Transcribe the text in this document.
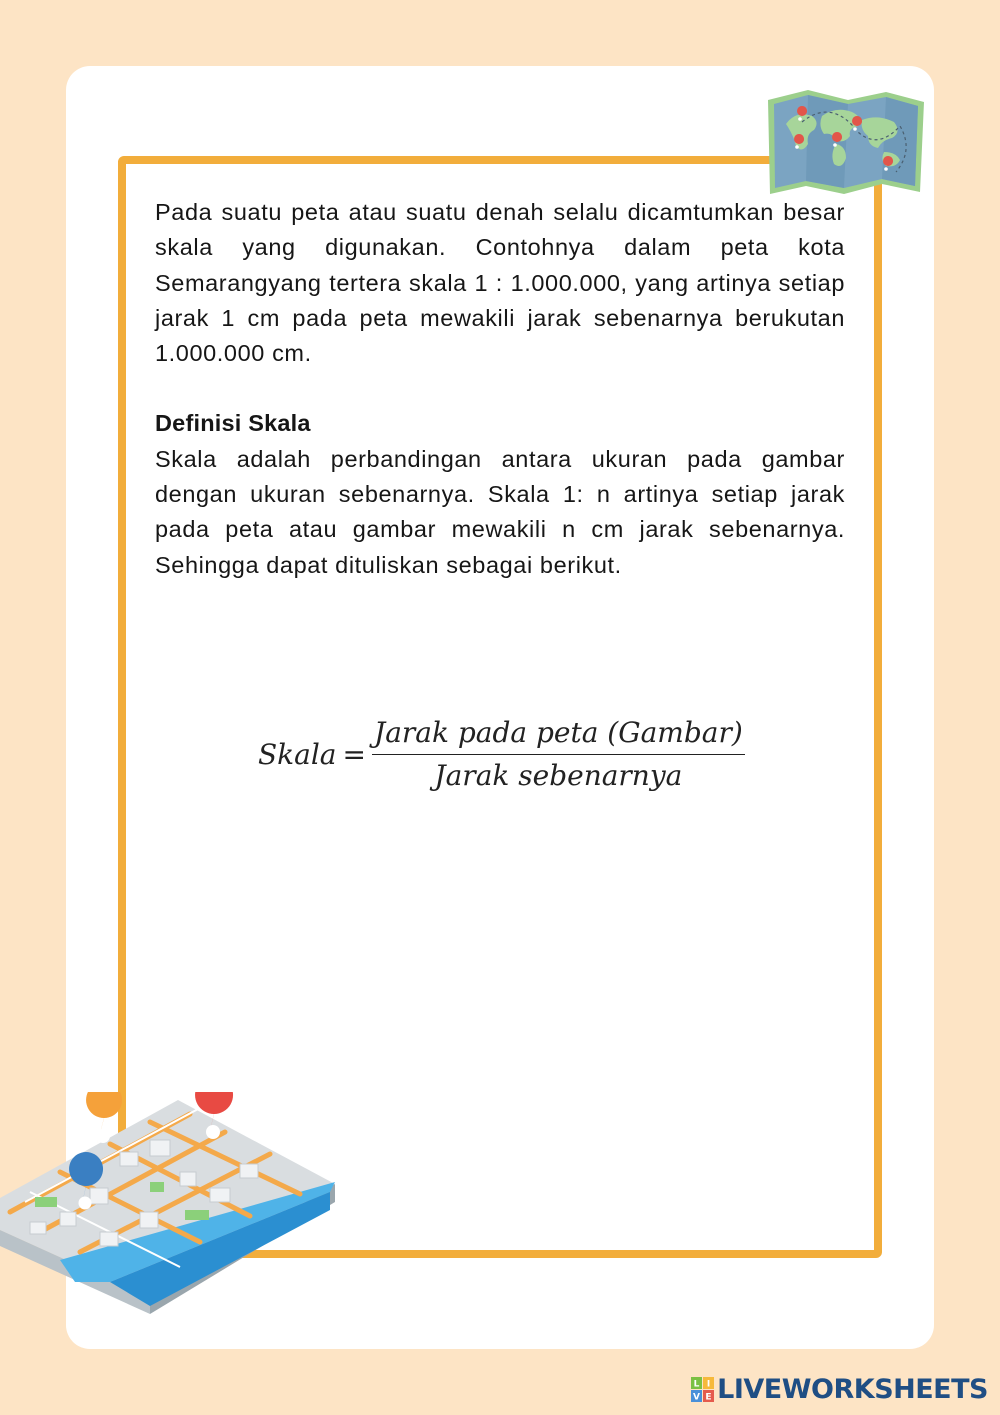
Pada suatu peta atau suatu denah selalu dicamtumkan besar skala yang digunakan. Contohnya dalam peta kota Semarangyang tertera skala 1 : 1.000.000, yang artinya setiap jarak 1 cm pada peta mewakili jarak sebenarnya berukutan 1.000.000 cm.

Definisi Skala

Skala adalah perbandingan antara ukuran pada gambar dengan ukuran sebenarnya. Skala 1: n artinya setiap jarak pada peta atau gambar mewakili n cm jarak sebenarnya. Sehingga dapat dituliskan sebagai berikut.

Skala = $\frac{\text{Jarak pada peta (Gambar)}}{\text{Jarak sebenarnya}}$
L I
V E LIVEWORKSHEETS
